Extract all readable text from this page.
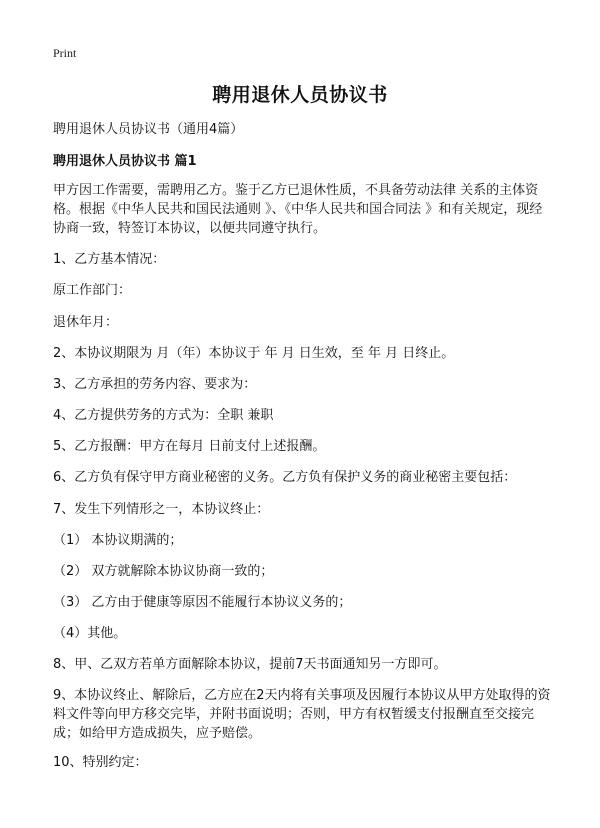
Print
聘用退休人员协议书
聘用退休人员协议书（通用4篇）
聘用退休人员协议书 篇1
甲方因工作需要，需聘用乙方。鉴于乙方已退休性质，不具备劳动法律 关系的主体资格。根据《中华人民共和国民法通则 》、《中华人民共和国合同法 》和有关规定，现经协商一致，特签订本协议，以便共同遵守执行。
1、乙方基本情况：
原工作部门：
退休年月：
2、本协议期限为 月（年）本协议于 年 月 日生效，至 年 月 日终止。
3、乙方承担的劳务内容、要求为：
4、乙方提供劳务的方式为：全职 兼职
5、乙方报酬：甲方在每月 日前支付上述报酬。
6、乙方负有保守甲方商业秘密的义务。乙方负有保护义务的商业秘密主要包括：
7、发生下列情形之一，本协议终止：
（1） 本协议期满的；
（2） 双方就解除本协议协商一致的；
（3） 乙方由于健康等原因不能履行本协议义务的；
（4）其他。
8、甲、乙双方若单方面解除本协议，提前7天书面通知另一方即可。
9、本协议终止、解除后，乙方应在2天内将有关事项及因履行本协议从甲方处取得的资料文件等向甲方移交完毕，并附书面说明；否则，甲方有权暂缓支付报酬直至交接完成；如给甲方造成损失，应予赔偿。
10、特别约定：
